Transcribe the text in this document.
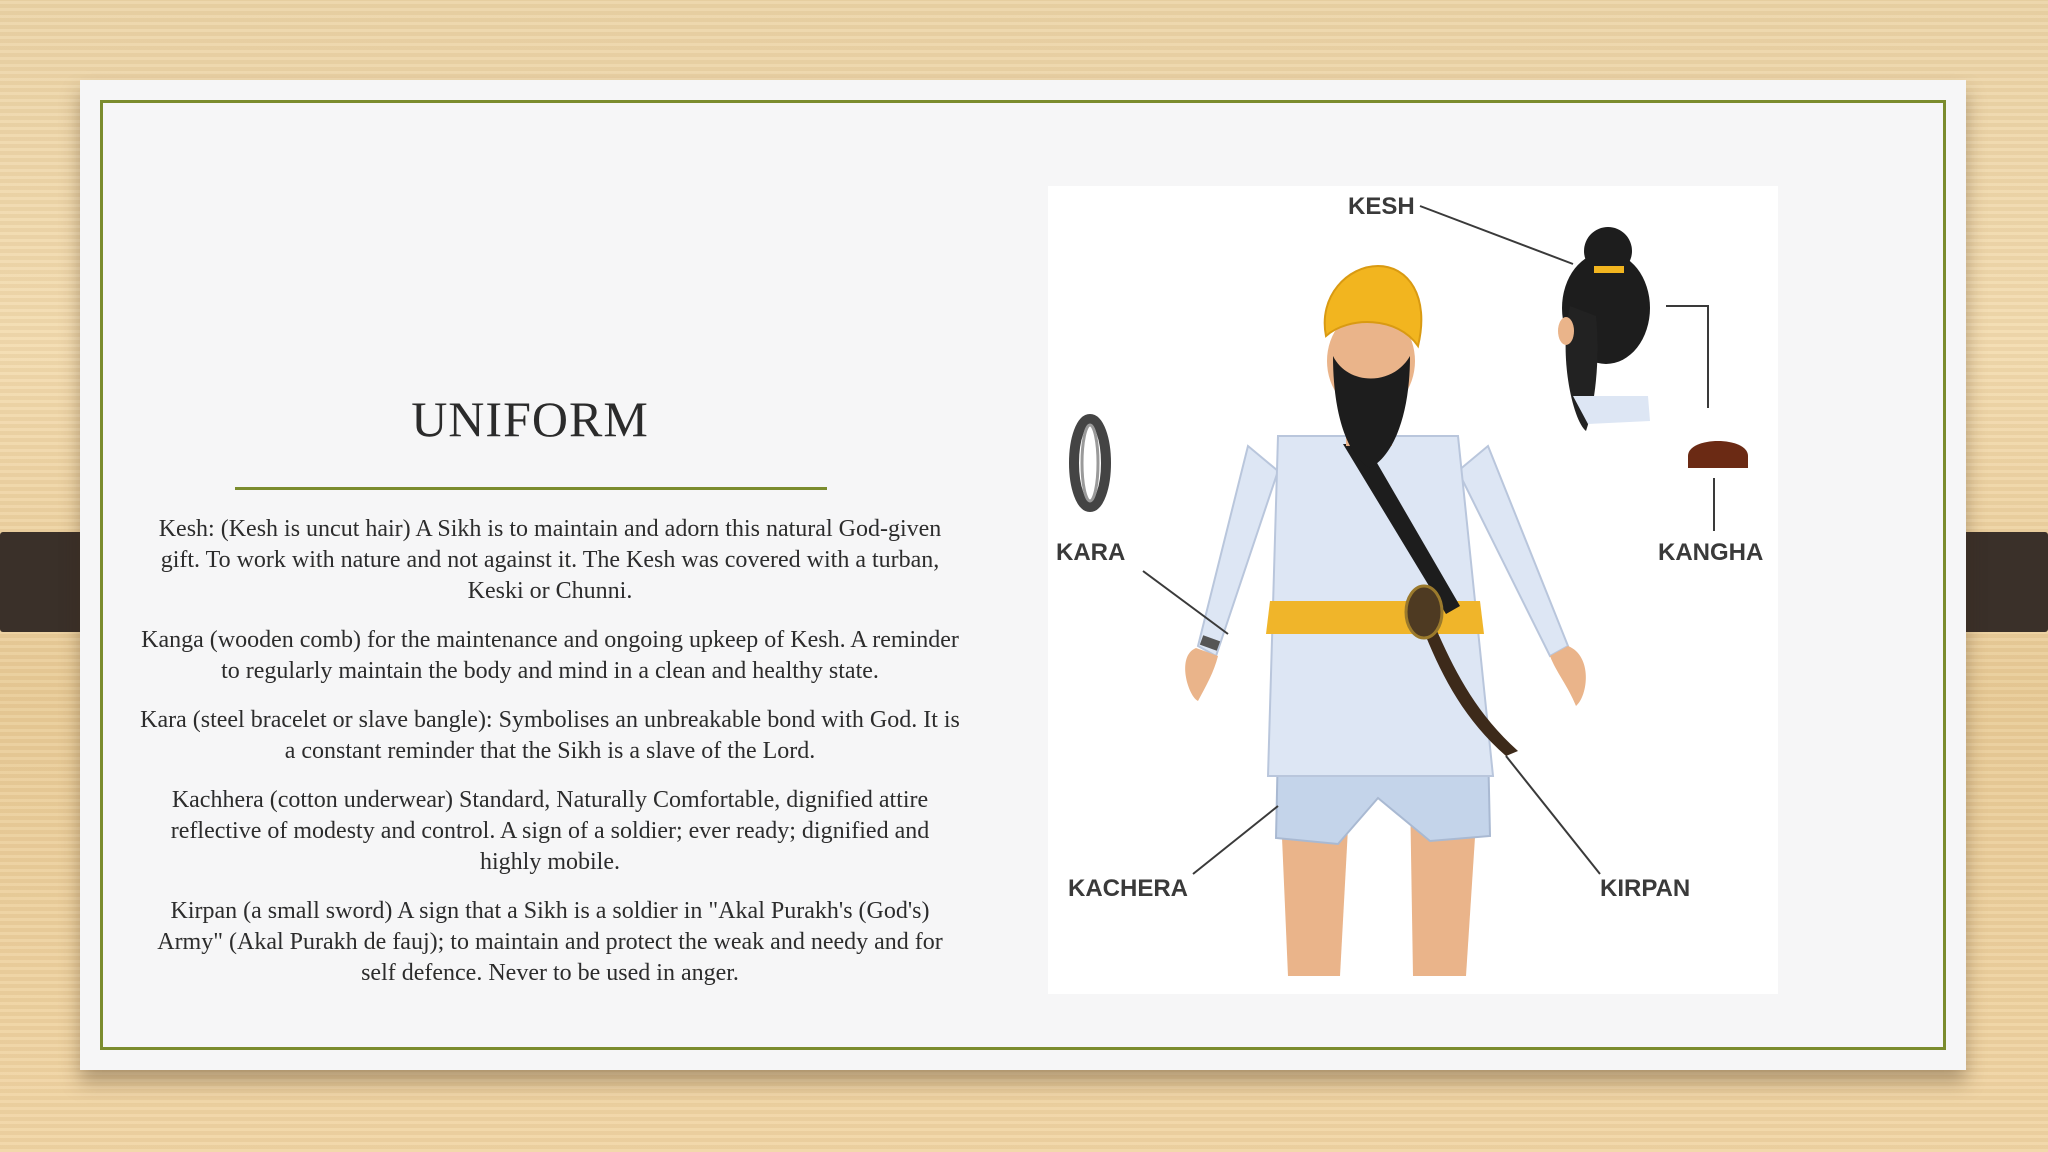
UNIFORM

Kesh: (Kesh is uncut hair) A Sikh is to maintain and adorn this natural God-given gift. To work with nature and not against it. The Kesh was covered with a turban, Keski or Chunni.

Kanga (wooden comb) for the maintenance and ongoing upkeep of Kesh. A reminder to regularly maintain the body and mind in a clean and healthy state.

Kara (steel bracelet or slave bangle): Symbolises an unbreakable bond with God. It is a constant reminder that the Sikh is a slave of the Lord.

Kachhera (cotton underwear) Standard, Naturally Comfortable, dignified attire reflective of modesty and control. A sign of a soldier; ever ready; dignified and highly mobile.

Kirpan (a small sword) A sign that a Sikh is a soldier in "Akal Purakh's (God's) Army" (Akal Purakh de fauj); to maintain and protect the weak and needy and for self defence. Never to be used in anger.

KESH
KARA	KANGHA
KACHERA	KIRPAN
